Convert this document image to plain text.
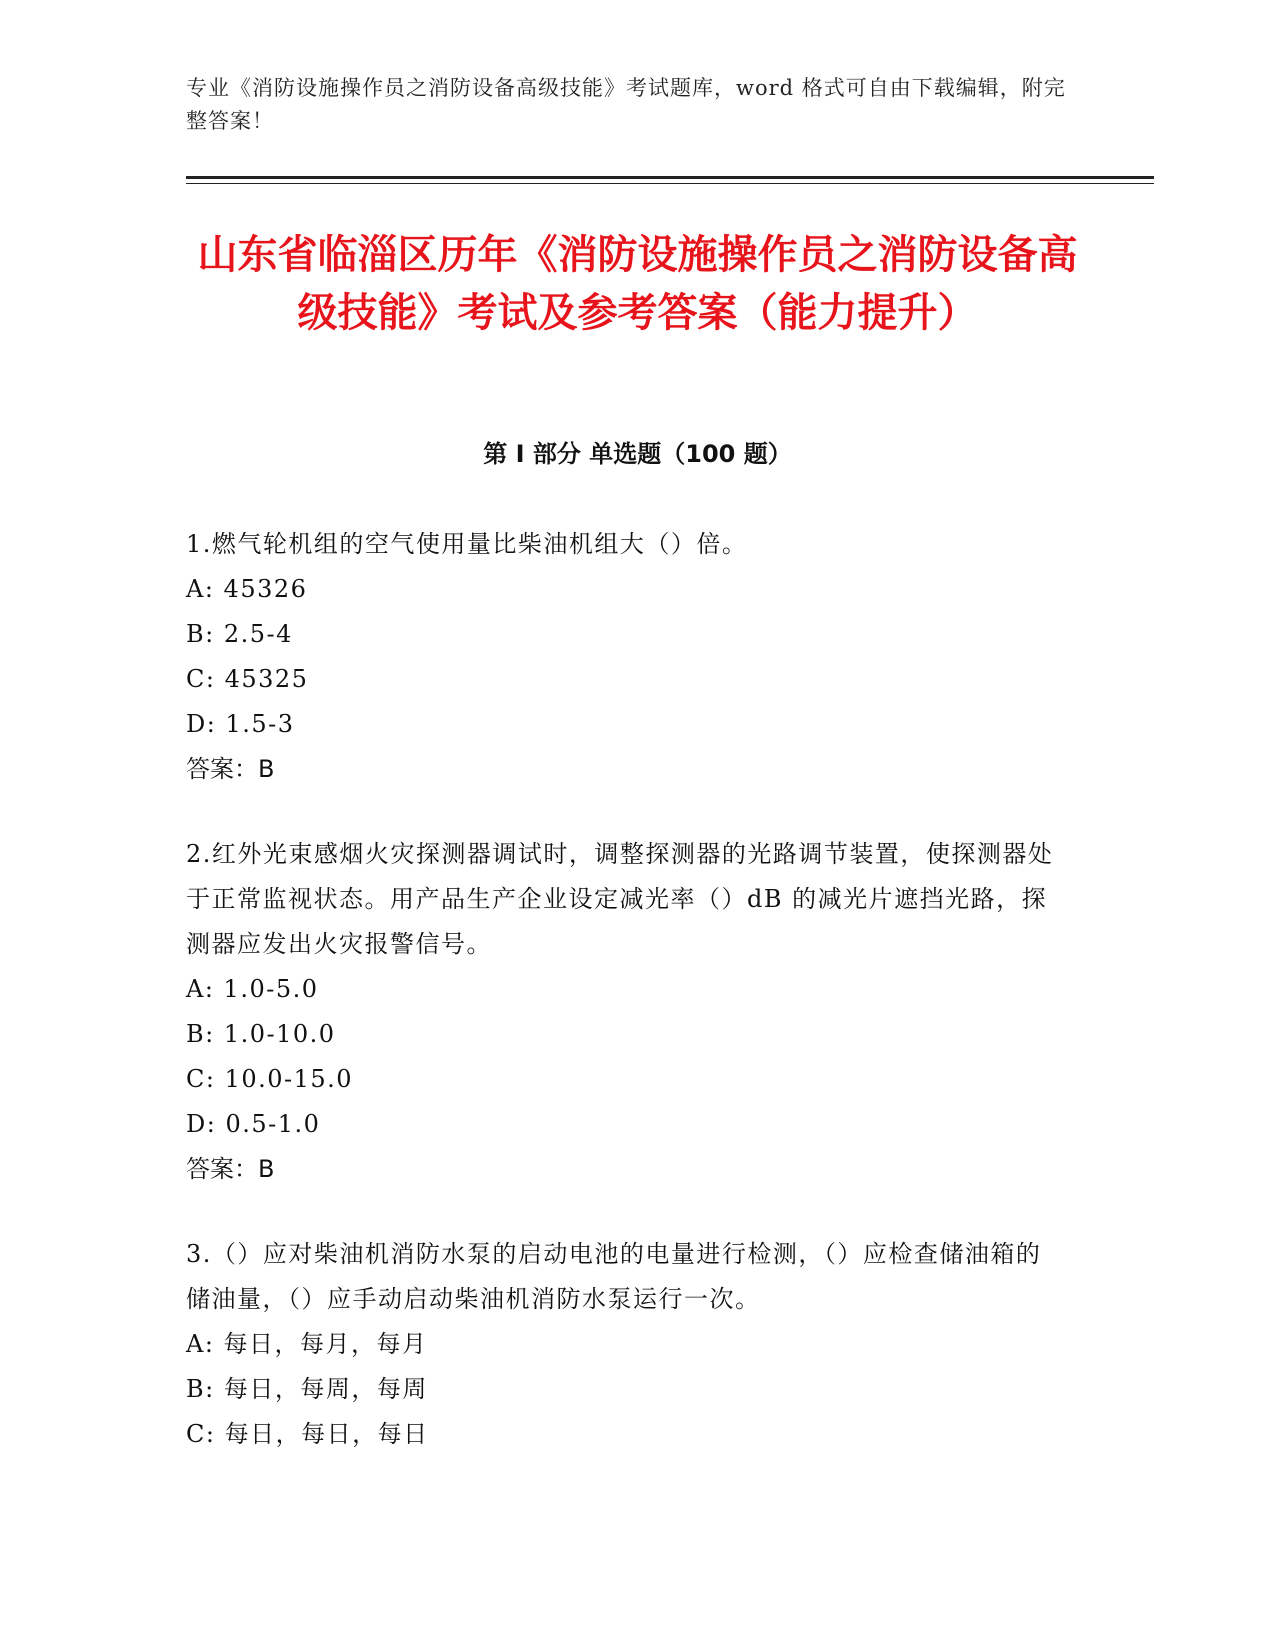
专业《消防设施操作员之消防设备高级技能》考试题库，word 格式可自由下载编辑，附完整答案！
山东省临淄区历年《消防设施操作员之消防设备高级技能》考试及参考答案（能力提升）
第 I 部分 单选题（100 题）

1.燃气轮机组的空气使用量比柴油机组大（）倍。

A: 45326

B: 2.5-4

C: 45325

D: 1.5-3

答案：B

2.红外光束感烟火灾探测器调试时，调整探测器的光路调节装置，使探测器处于正常监视状态。用产品生产企业设定减光率（）dB 的减光片遮挡光路，探测器应发出火灾报警信号。

A: 1.0-5.0

B: 1.0-10.0

C: 10.0-15.0

D: 0.5-1.0

答案：B

3.（）应对柴油机消防水泵的启动电池的电量进行检测，（）应检查储油箱的储油量，（）应手动启动柴油机消防水泵运行一次。

A: 每日，每月，每月

B: 每日，每周，每周

C: 每日，每日，每日
